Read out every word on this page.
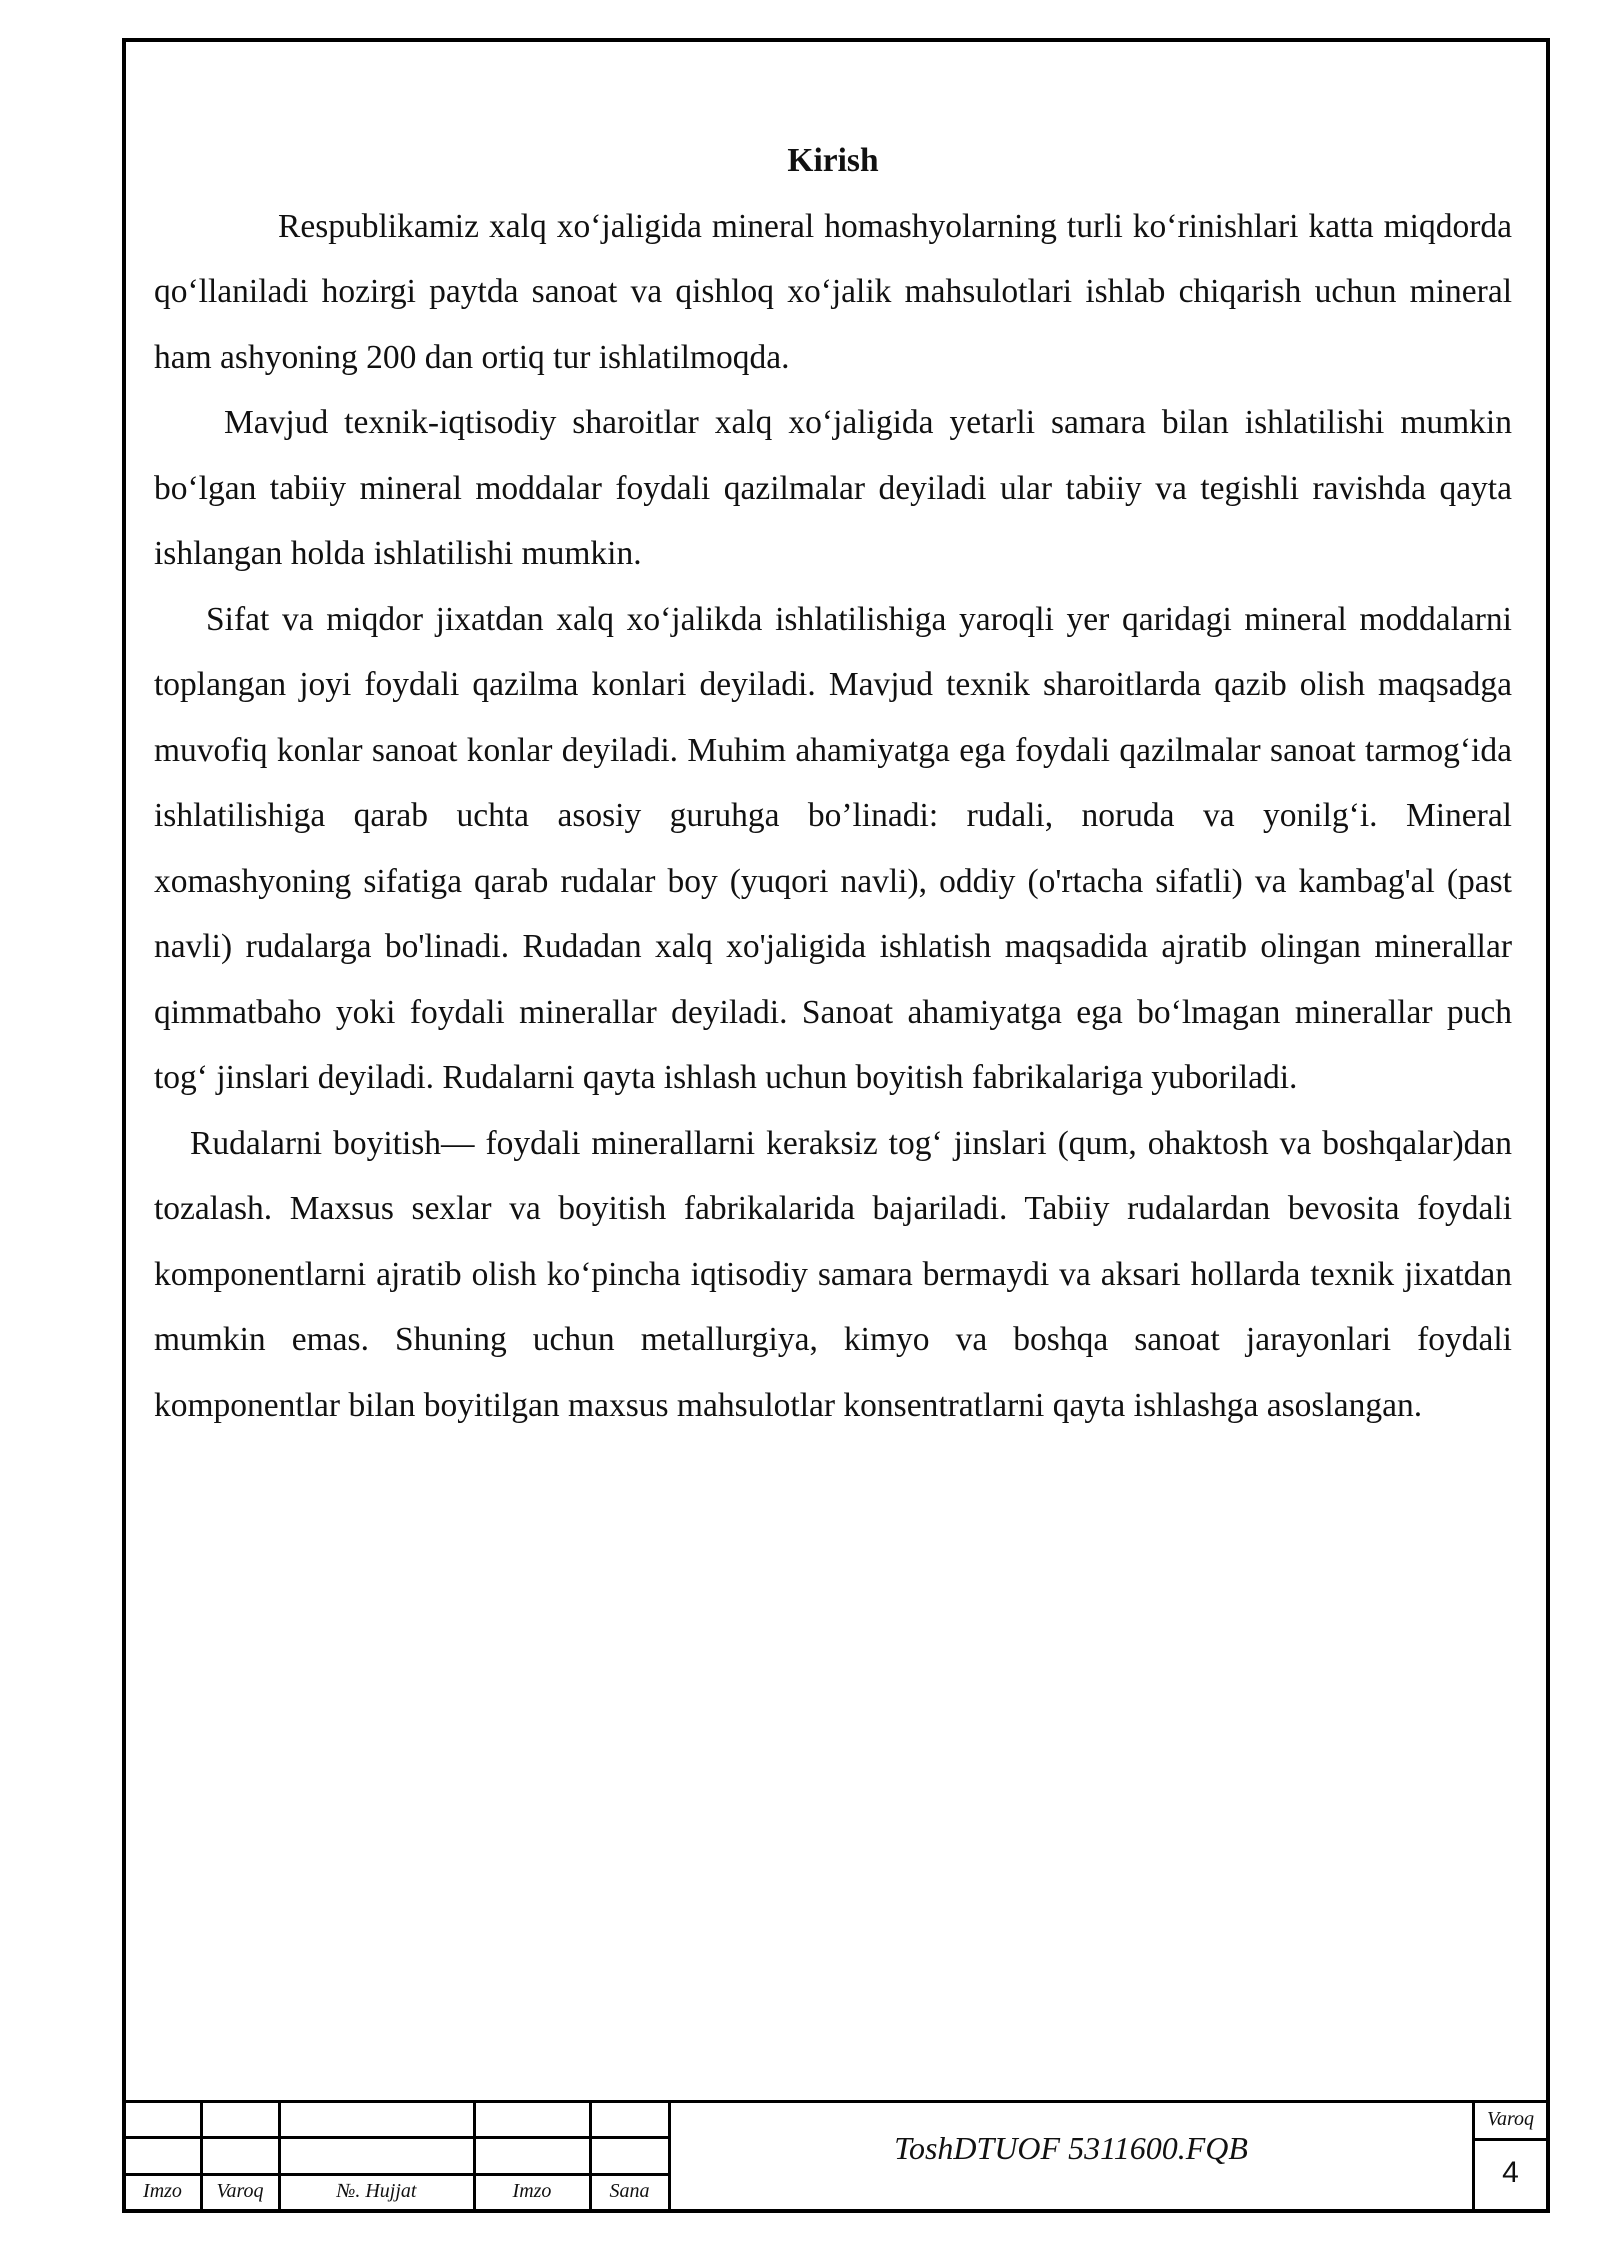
Kirish

Respublikamiz xalq xo‘jaligida mineral homashyolarning turli ko‘rinishlari katta miqdorda qo‘llaniladi hozirgi paytda sanoat va qishloq xo‘jalik mahsulotlari ishlab chiqarish uchun mineral ham ashyoning 200 dan ortiq tur ishlatilmoqda.

Mavjud texnik-iqtisodiy sharoitlar xalq xo‘jaligida yetarli samara bilan ishlatilishi mumkin bo‘lgan tabiiy mineral moddalar foydali qazilmalar deyiladi ular tabiiy va tegishli ravishda qayta ishlangan holda ishlatilishi mumkin.

Sifat va miqdor jixatdan xalq xo‘jalikda ishlatilishiga yaroqli yer qaridagi mineral moddalarni toplangan joyi foydali qazilma konlari deyiladi. Mavjud texnik sharoitlarda qazib olish maqsadga muvofiq konlar sanoat konlar deyiladi. Muhim ahamiyatga ega foydali qazilmalar sanoat tarmog‘ida ishlatilishiga qarab uchta asosiy guruhga bo’linadi: rudali, noruda va yonilg‘i. Mineral xomashyoning sifatiga qarab rudalar boy (yuqori navli), oddiy (o'rtacha sifatli) va kambag'al (past navli) rudalarga bo'linadi. Rudadan xalq xo'jaligida ishlatish maqsadida ajratib olingan minerallar qimmatbaho yoki foydali minerallar deyiladi. Sanoat ahamiyatga ega bo‘lmagan minerallar puch tog‘ jinslari deyiladi. Rudalarni qayta ishlash uchun boyitish fabrikalariga yuboriladi.

Rudalarni boyitish— foydali minerallarni keraksiz tog‘ jinslari (qum, ohaktosh va boshqalar)dan tozalash. Maxsus sexlar va boyitish fabrikalarida bajariladi. Tabiiy rudalardan bevosita foydali komponentlarni ajratib olish ko‘pincha iqtisodiy samara bermaydi va aksari hollarda texnik jixatdan mumkin emas. Shuning uchun metallurgiya, kimyo va boshqa sanoat jarayonlari foydali komponentlar bilan boyitilgan maxsus mahsulotlar konsentratlarni qayta ishlashga asoslangan.

Imzo	Varoq	№. Hujjat	Imzo	Sana
ToshDTUOF 5311600.FQB
Varoq
4
